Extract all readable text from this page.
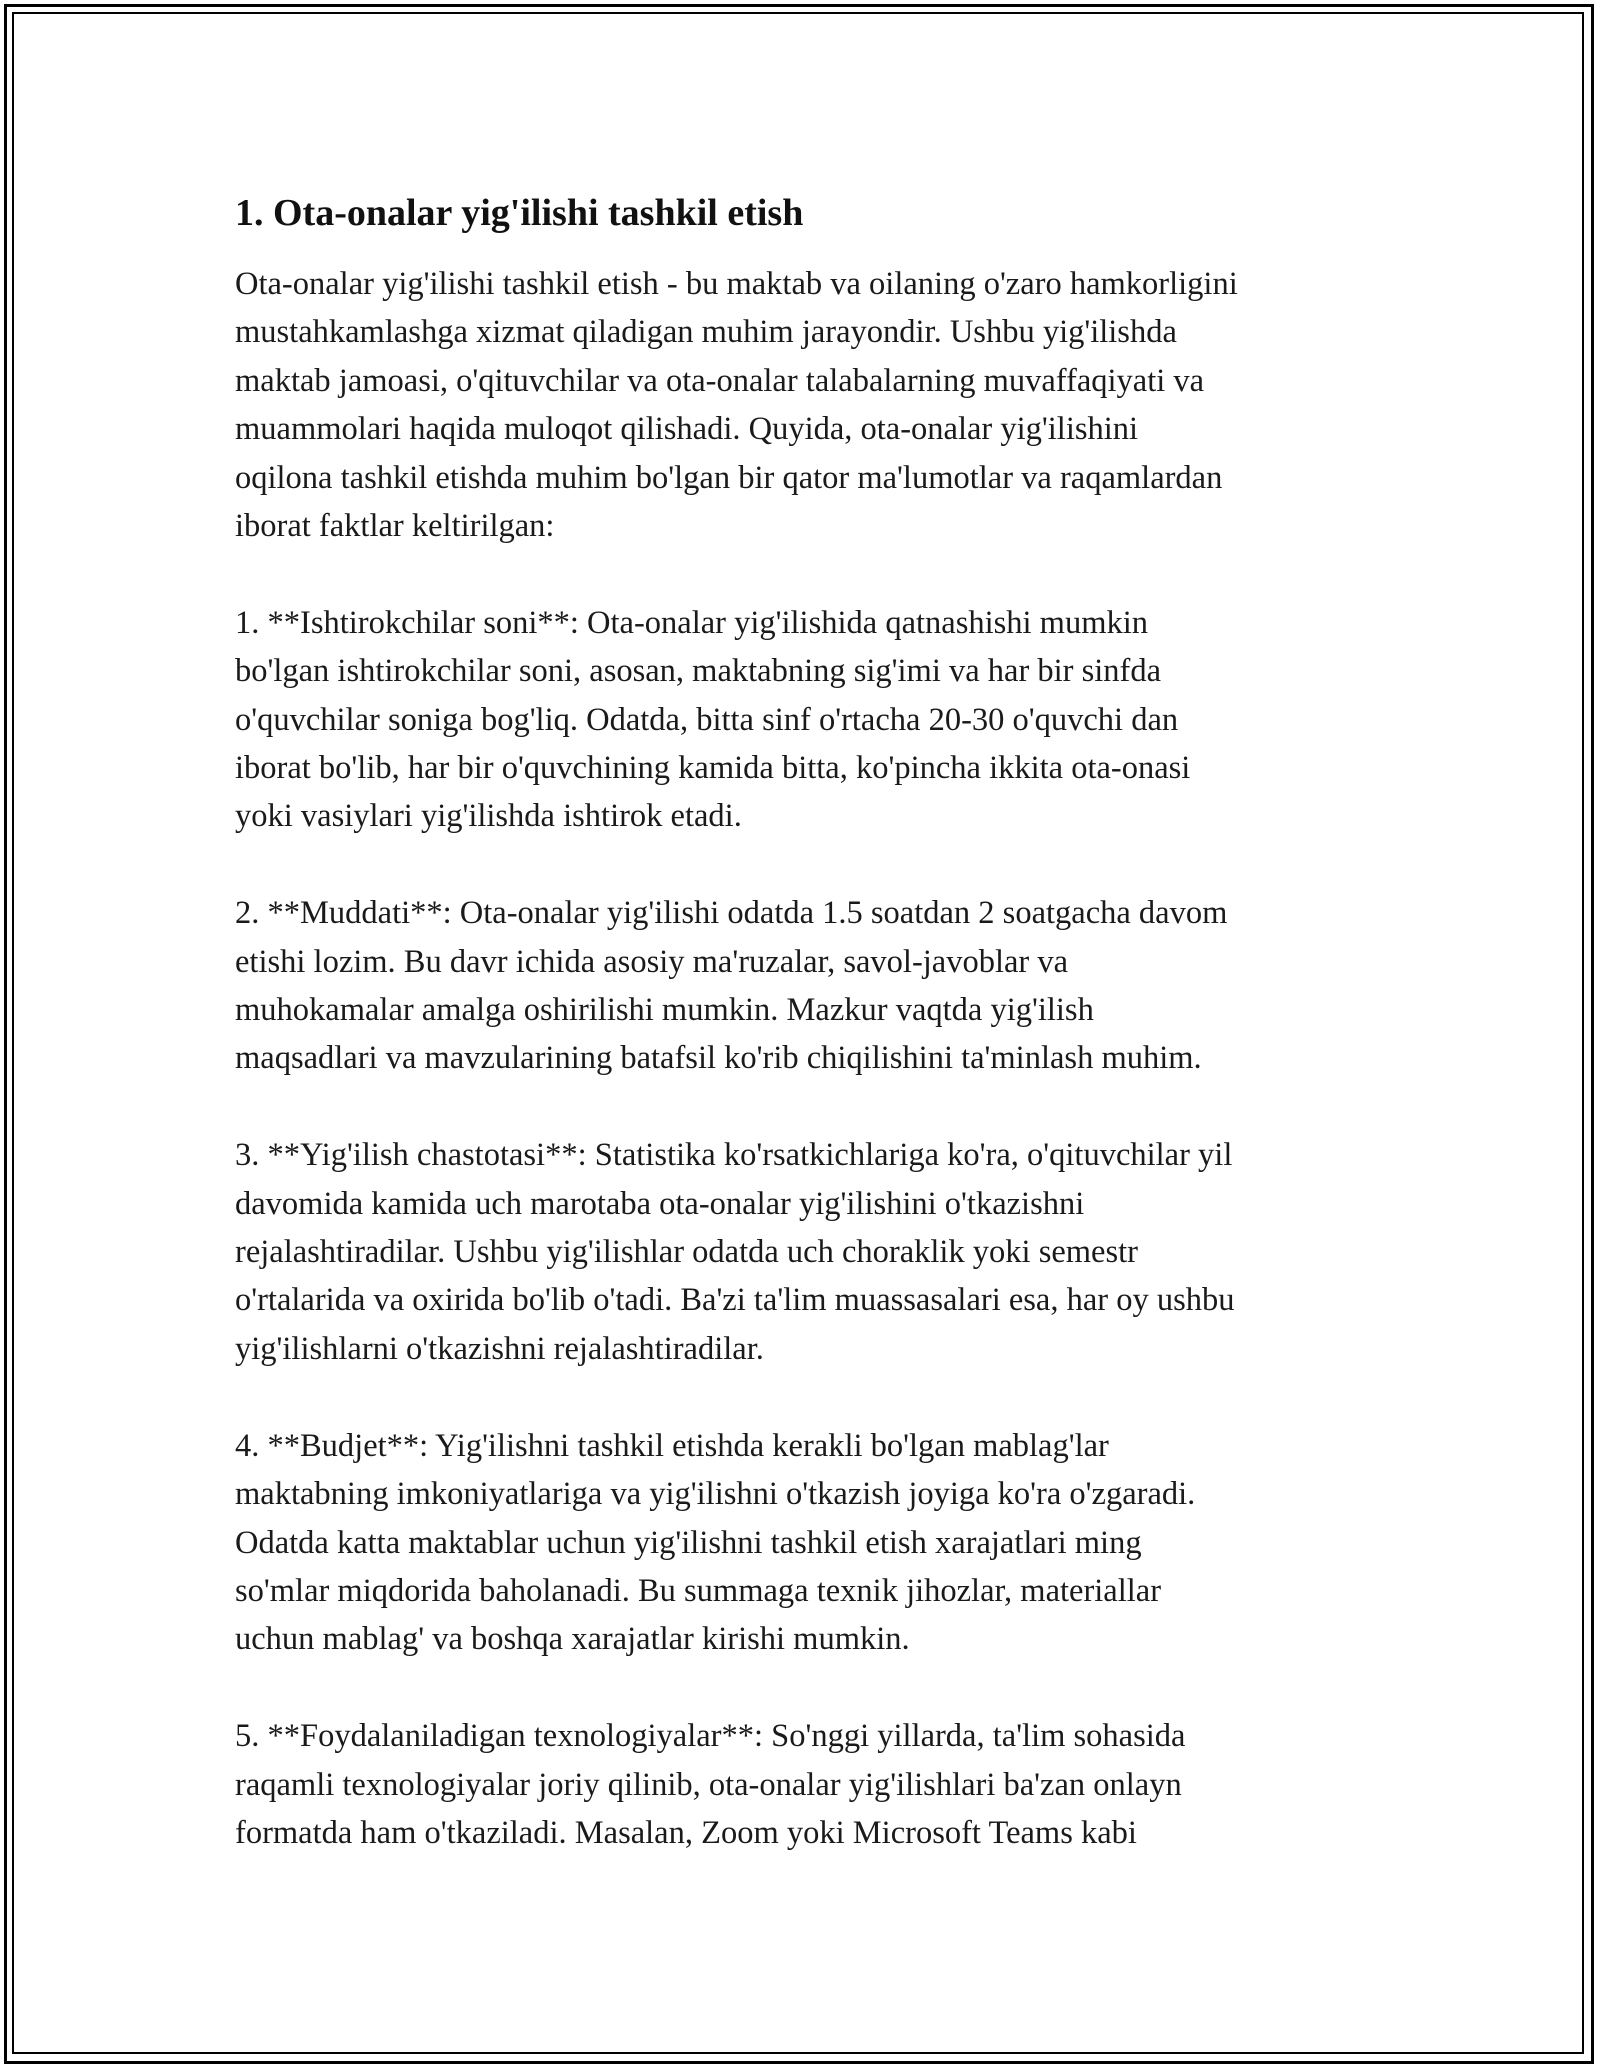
1. Ota-onalar yig'ilishi tashkil etish

Ota-onalar yig'ilishi tashkil etish - bu maktab va oilaning o'zaro hamkorligini
mustahkamlashga xizmat qiladigan muhim jarayondir. Ushbu yig'ilishda
maktab jamoasi, o'qituvchilar va ota-onalar talabalarning muvaffaqiyati va
muammolari haqida muloqot qilishadi. Quyida, ota-onalar yig'ilishini
oqilona tashkil etishda muhim bo'lgan bir qator ma'lumotlar va raqamlardan
iborat faktlar keltirilgan:

1. **Ishtirokchilar soni**: Ota-onalar yig'ilishida qatnashishi mumkin
bo'lgan ishtirokchilar soni, asosan, maktabning sig'imi va har bir sinfda
o'quvchilar soniga bog'liq. Odatda, bitta sinf o'rtacha 20-30 o'quvchi dan
iborat bo'lib, har bir o'quvchining kamida bitta, ko'pincha ikkita ota-onasi
yoki vasiylari yig'ilishda ishtirok etadi.

2. **Muddati**: Ota-onalar yig'ilishi odatda 1.5 soatdan 2 soatgacha davom
etishi lozim. Bu davr ichida asosiy ma'ruzalar, savol-javoblar va
muhokamalar amalga oshirilishi mumkin. Mazkur vaqtda yig'ilish
maqsadlari va mavzularining batafsil ko'rib chiqilishini ta'minlash muhim.

3. **Yig'ilish chastotasi**: Statistika ko'rsatkichlariga ko'ra, o'qituvchilar yil
davomida kamida uch marotaba ota-onalar yig'ilishini o'tkazishni
rejalashtiradilar. Ushbu yig'ilishlar odatda uch choraklik yoki semestr
o'rtalarida va oxirida bo'lib o'tadi. Ba'zi ta'lim muassasalari esa, har oy ushbu
yig'ilishlarni o'tkazishni rejalashtiradilar.

4. **Budjet**: Yig'ilishni tashkil etishda kerakli bo'lgan mablag'lar
maktabning imkoniyatlariga va yig'ilishni o'tkazish joyiga ko'ra o'zgaradi.
Odatda katta maktablar uchun yig'ilishni tashkil etish xarajatlari ming
so'mlar miqdorida baholanadi. Bu summaga texnik jihozlar, materiallar
uchun mablag' va boshqa xarajatlar kirishi mumkin.

5. **Foydalaniladigan texnologiyalar**: So'nggi yillarda, ta'lim sohasida
raqamli texnologiyalar joriy qilinib, ota-onalar yig'ilishlari ba'zan onlayn
formatda ham o'tkaziladi. Masalan, Zoom yoki Microsoft Teams kabi
